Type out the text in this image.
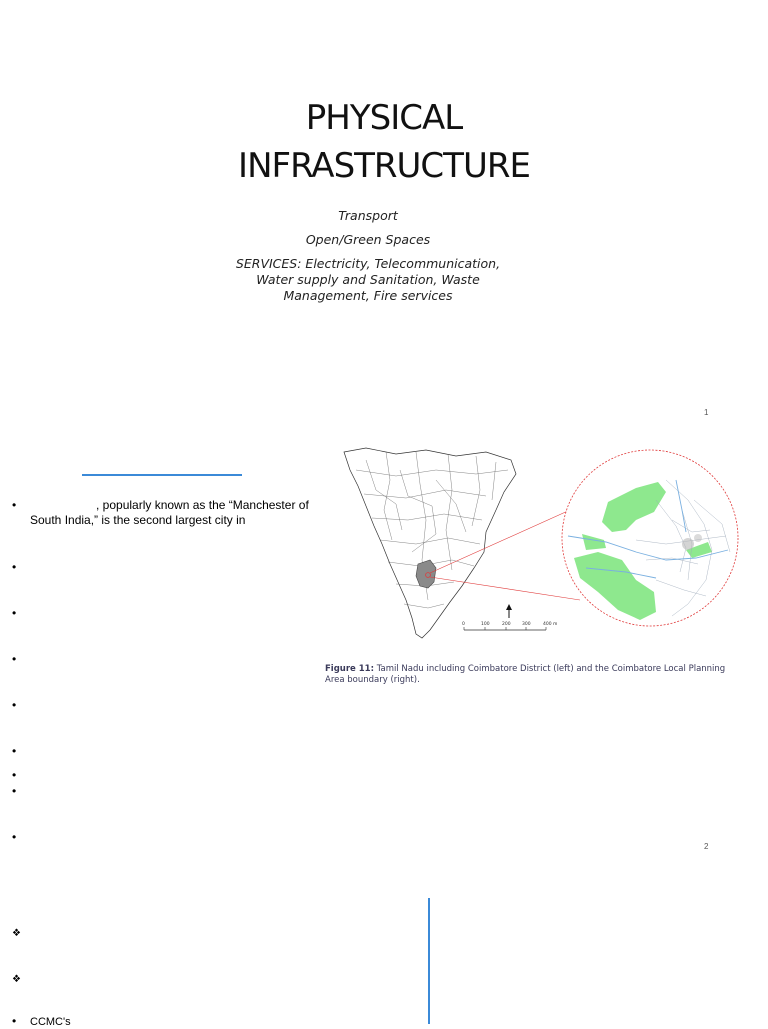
PHYSICAL
INFRASTRUCTURE

Transport

Open/Green Spaces

SERVICES: Electricity, Telecommunication, Water supply and Sanitation, Waste Management, Fire services

1
•	, popularly known as the “Manchester of South India,” is the second largest city in
•
•
•
•
•
•
•
•
0	100	200	300	400 m
Figure 11: Tamil Nadu including Coimbatore District (left) and the Coimbatore Local Planning Area boundary (right).
2
❖
❖
• CCMC's
